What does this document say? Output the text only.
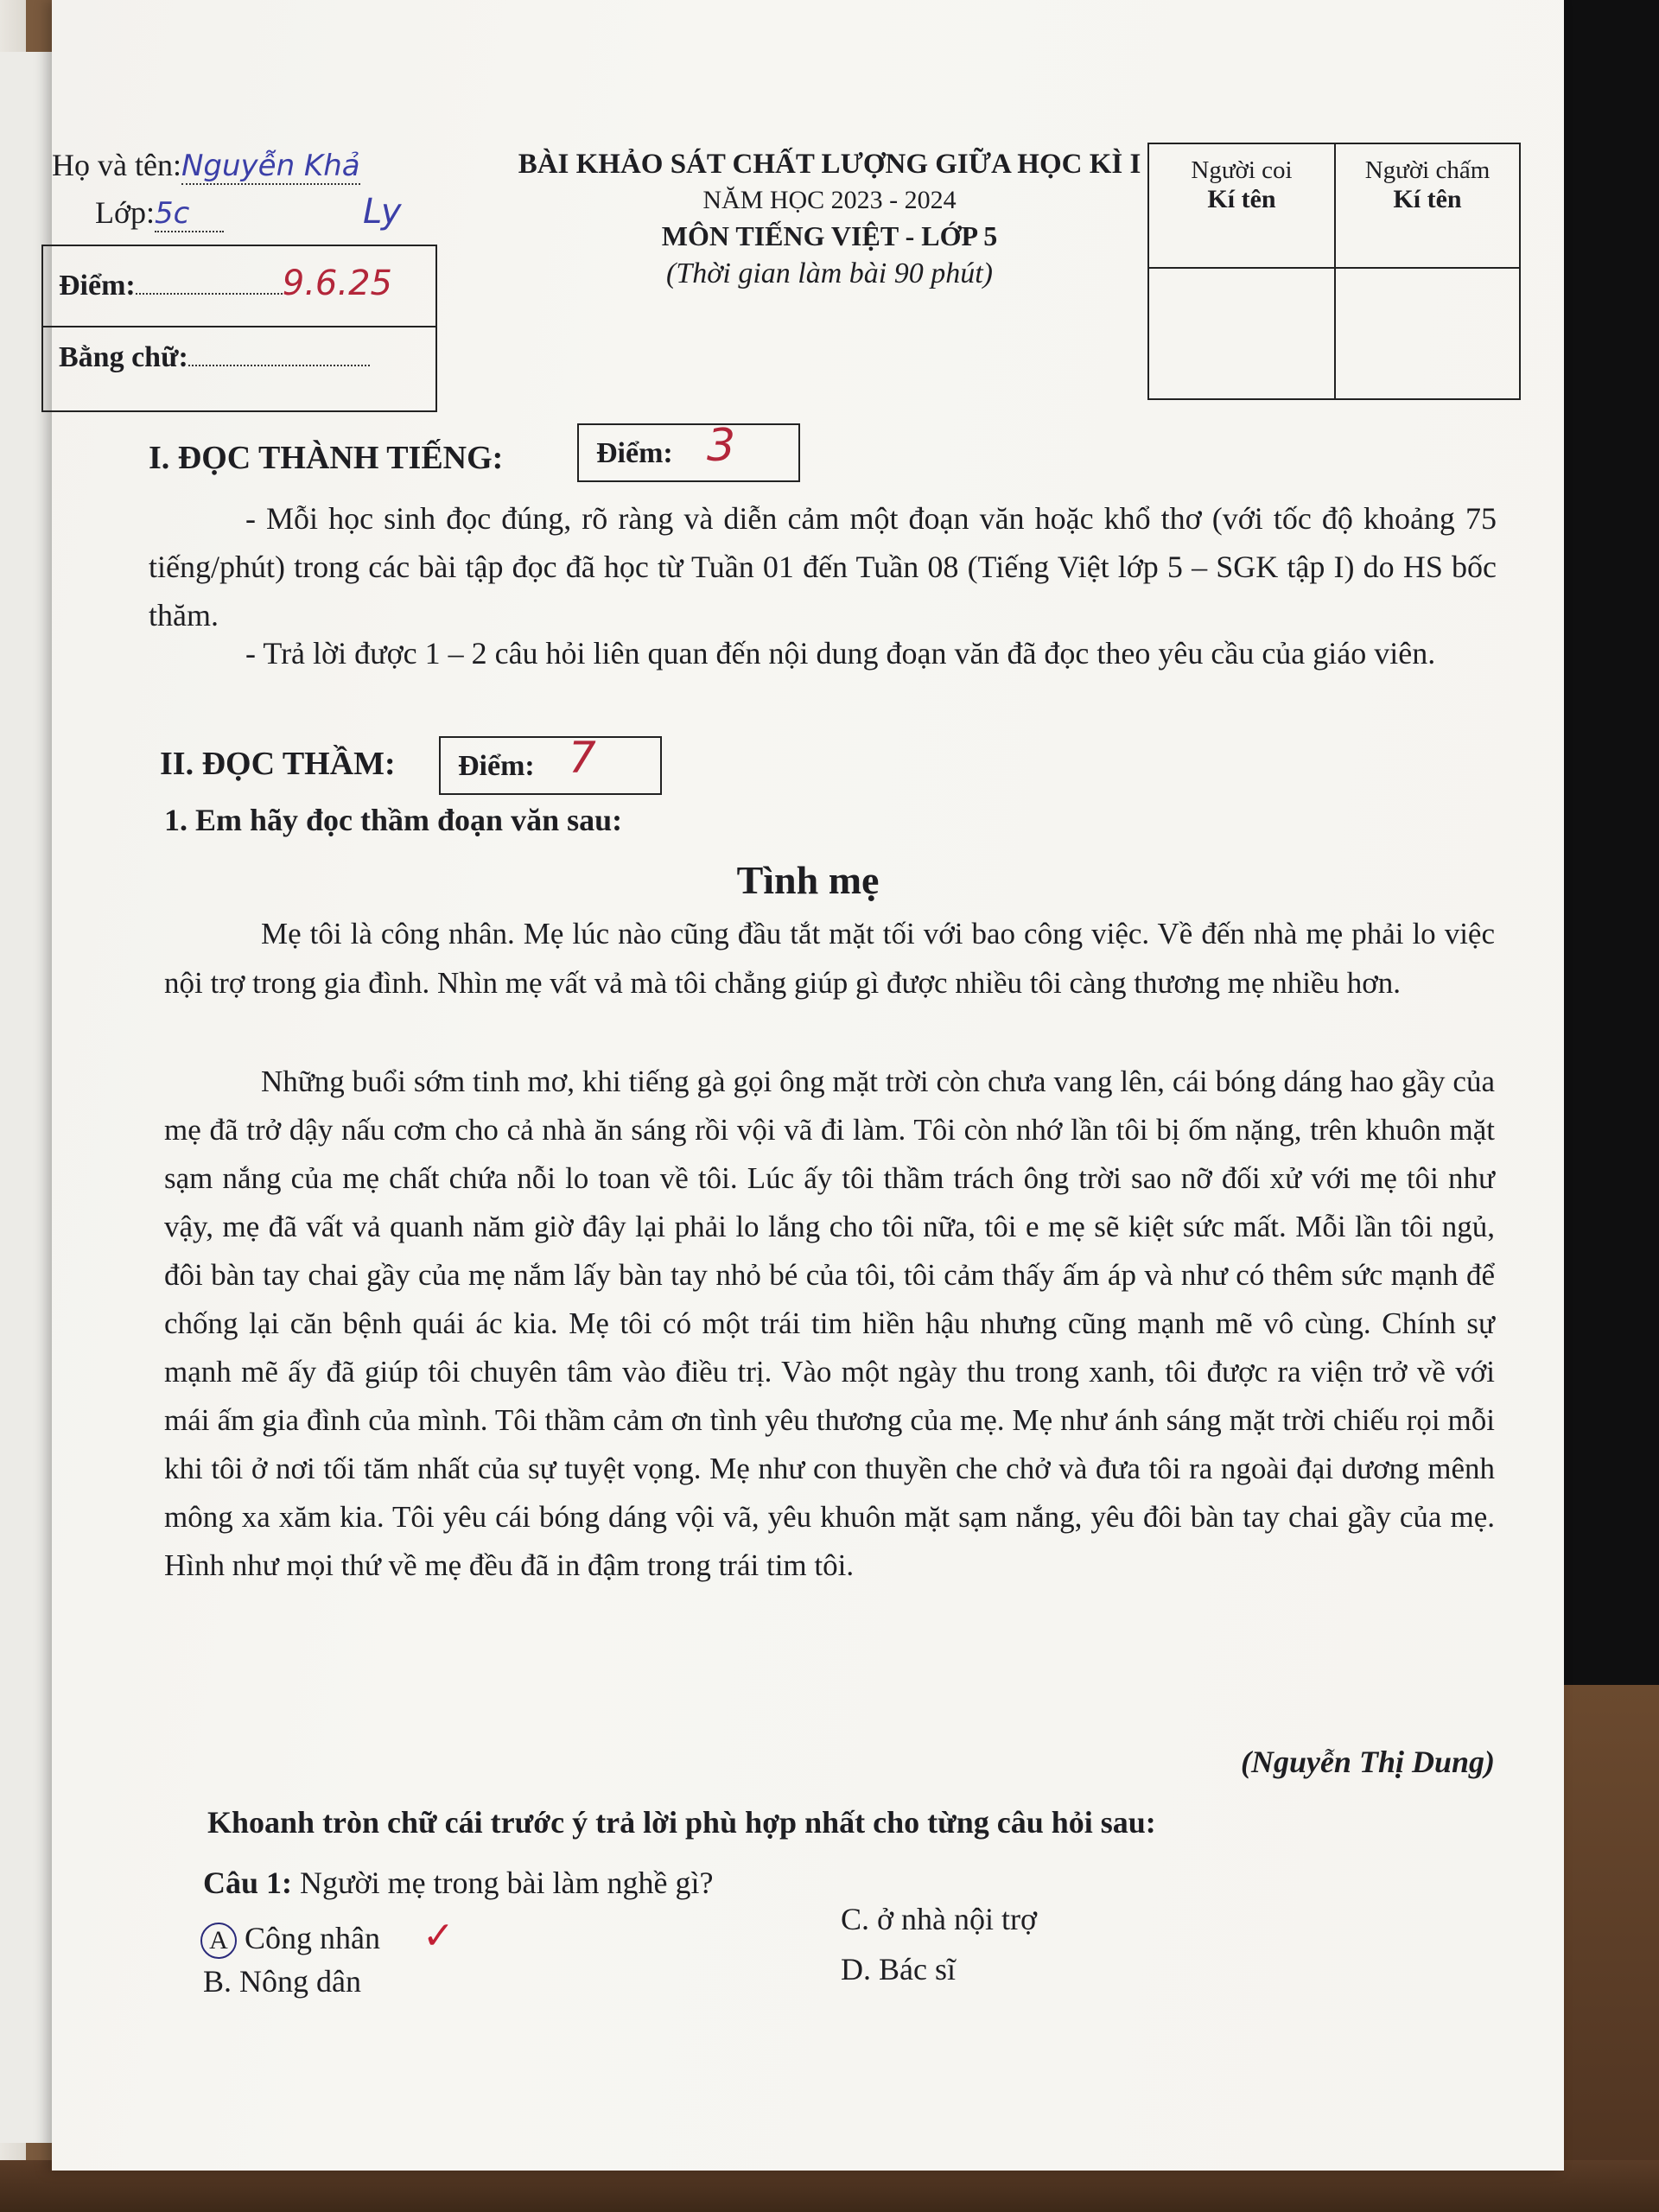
Họ và tên:Nguyễn Khả
Ly
Lớp:5c
Điểm:	9.6.25
Bằng chữ:
BÀI KHẢO SÁT CHẤT LƯỢNG GIỮA HỌC KÌ I
NĂM HỌC 2023 - 2024
MÔN TIẾNG VIỆT - LỚP 5
(Thời gian làm bài 90 phút)
Người coi
Kí tên
Người chấm
Kí tên
I. ĐỌC THÀNH TIẾNG:	Điểm: 3
- Mỗi học sinh đọc đúng, rõ ràng và diễn cảm một đoạn văn hoặc khổ thơ (với tốc độ khoảng 75 tiếng/phút) trong các bài tập đọc đã học từ Tuần 01 đến Tuần 08 (Tiếng Việt lớp 5 – SGK tập I) do HS bốc thăm.
- Trả lời được 1 – 2 câu hỏi liên quan đến nội dung đoạn văn đã đọc theo yêu cầu của giáo viên.
II. ĐỌC THẦM: Điểm: 7
1. Em hãy đọc thầm đoạn văn sau:
Tình mẹ
Mẹ tôi là công nhân. Mẹ lúc nào cũng đầu tắt mặt tối với bao công việc. Về đến nhà mẹ phải lo việc nội trợ trong gia đình. Nhìn mẹ vất vả mà tôi chẳng giúp gì được nhiều tôi càng thương mẹ nhiều hơn.
Những buổi sớm tinh mơ, khi tiếng gà gọi ông mặt trời còn chưa vang lên, cái bóng dáng hao gầy của mẹ đã trở dậy nấu cơm cho cả nhà ăn sáng rồi vội vã đi làm. Tôi còn nhớ lần tôi bị ốm nặng, trên khuôn mặt sạm nắng của mẹ chất chứa nỗi lo toan về tôi. Lúc ấy tôi thầm trách ông trời sao nỡ đối xử với mẹ tôi như vậy, mẹ đã vất vả quanh năm giờ đây lại phải lo lắng cho tôi nữa, tôi e mẹ sẽ kiệt sức mất. Mỗi lần tôi ngủ, đôi bàn tay chai gầy của mẹ nắm lấy bàn tay nhỏ bé của tôi, tôi cảm thấy ấm áp và như có thêm sức mạnh để chống lại căn bệnh quái ác kia. Mẹ tôi có một trái tim hiền hậu nhưng cũng mạnh mẽ vô cùng. Chính sự mạnh mẽ ấy đã giúp tôi chuyên tâm vào điều trị. Vào một ngày thu trong xanh, tôi được ra viện trở về với mái ấm gia đình của mình. Tôi thầm cảm ơn tình yêu thương của mẹ. Mẹ như ánh sáng mặt trời chiếu rọi mỗi khi tôi ở nơi tối tăm nhất của sự tuyệt vọng. Mẹ như con thuyền che chở và đưa tôi ra ngoài đại dương mênh mông xa xăm kia. Tôi yêu cái bóng dáng vội vã, yêu khuôn mặt sạm nắng, yêu đôi bàn tay chai gầy của mẹ. Hình như mọi thứ về mẹ đều đã in đậm trong trái tim tôi.
(Nguyễn Thị Dung)
Khoanh tròn chữ cái trước ý trả lời phù hợp nhất cho từng câu hỏi sau:
Câu 1: Người mẹ trong bài làm nghề gì?
A Công nhân ✓
B. Nông dân
C. ở nhà nội trợ
D. Bác sĩ
